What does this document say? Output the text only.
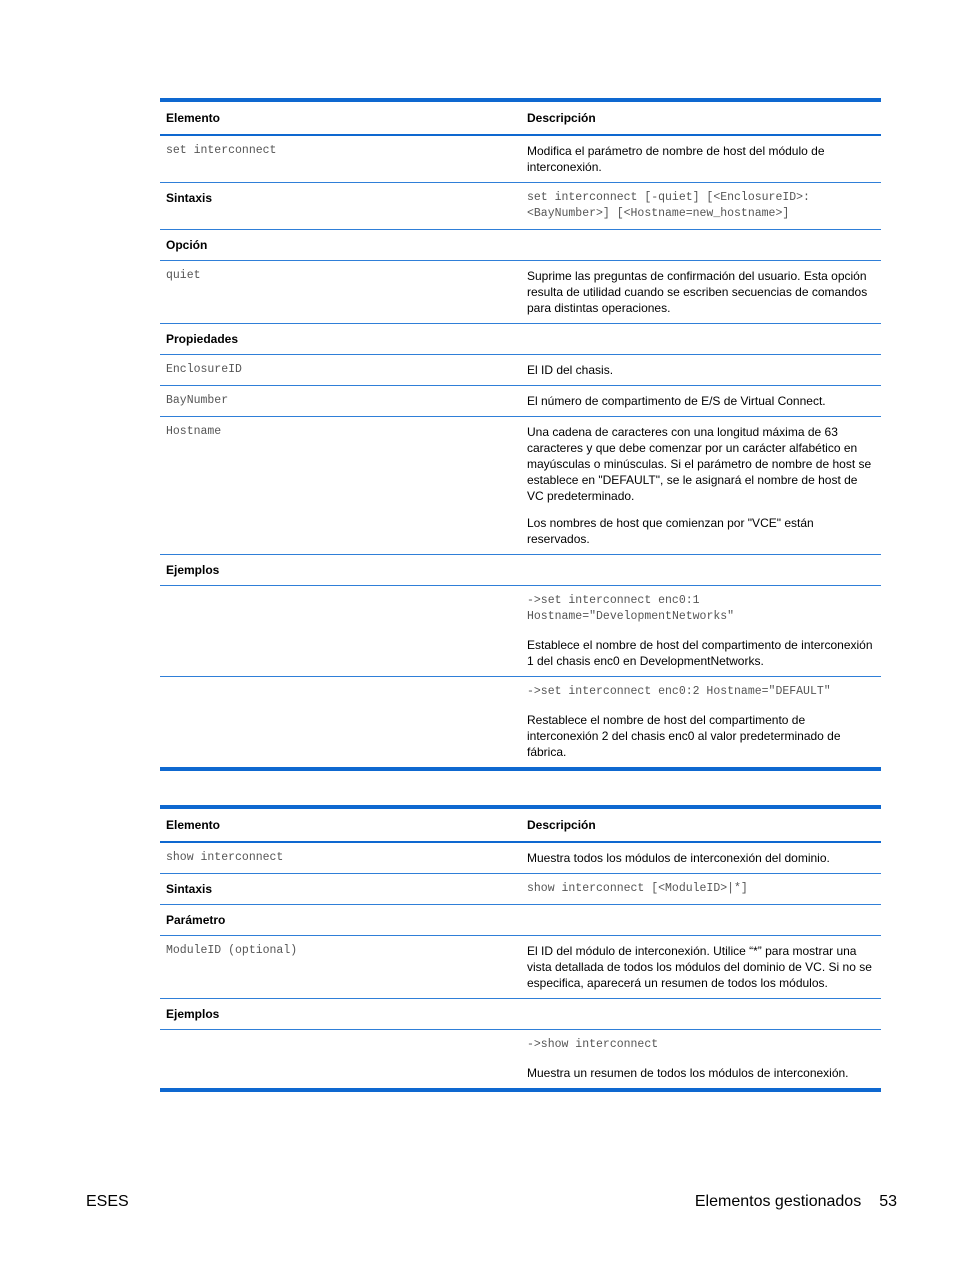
Elemento	Descripción
set interconnect	Modifica el parámetro de nombre de host del módulo de interconexión.

Sintaxis	set interconnect [-quiet] [<EnclosureID>:<BayNumber>] [<Hostname=new_hostname>]
Opción	
quiet	Suprime las preguntas de confirmación del usuario. Esta opción resulta de utilidad cuando se escriben secuencias de comandos para distintas operaciones.

Propiedades	
EnclosureID	El ID del chasis.

BayNumber	El número de compartimento de E/S de Virtual Connect.

Hostname	Una cadena de caracteres con una longitud máxima de 63 caracteres y que debe comenzar por un carácter alfabético en mayúsculas o minúsculas. Si el parámetro de nombre de host se establece en "DEFAULT", se le asignará el nombre de host de VC predeterminado.

Los nombres de host que comienzan por "VCE" están reservados.

Ejemplos	

	->set interconnect enc0:1 Hostname="DevelopmentNetworks"

Establece el nombre de host del compartimento de interconexión 1 del chasis enc0 en DevelopmentNetworks.

	->set interconnect enc0:2 Hostname="DEFAULT"

Restablece el nombre de host del compartimento de interconexión 2 del chasis enc0 al valor predeterminado de fábrica.

Elemento	Descripción
show interconnect	Muestra todos los módulos de interconexión del dominio.

Sintaxis	show interconnect [<ModuleID>|*]
Parámetro	
ModuleID (optional)	El ID del módulo de interconexión. Utilice “*” para mostrar una vista detallada de todos los módulos del dominio de VC. Si no se especifica, aparecerá un resumen de todos los módulos.

Ejemplos	

	->show interconnect

Muestra un resumen de todos los módulos de interconexión.

ESES	Elementos gestionados 53
